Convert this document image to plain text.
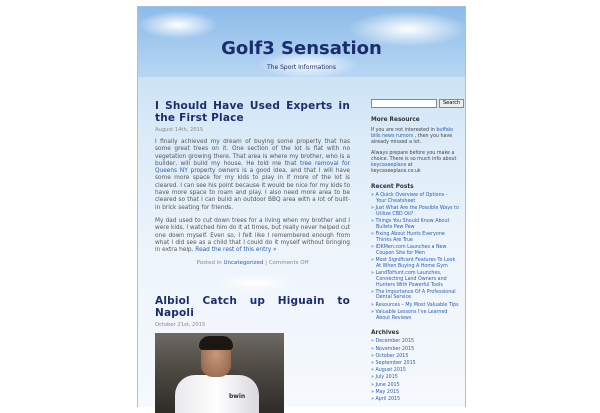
Golf3 Sensation
The Sport Informations
I Should Have Used Experts in the First Place
August 14th, 2015

I finally achieved my dream of buying some property that has some great trees on it. One section of the lot is flat with no vegetation growing there. That area is where my brother, who is a builder, will build my house. He told me that tree removal for Queens NY property owners is a good idea, and that I will have some more space for my kids to play in if more of the lot is cleared. I can see his point because it would be nice for my kids to have more space to roam and play. I also need more area to be cleared so that I can build an outdoor BBQ area with a lot of built-in brick seating for friends.

My dad used to cut down trees for a living when my brother and I were kids. I watched him do it at times, but really never helped cut one down myself. Even so, I felt like I remembered enough from what I did see as a child that I could do it myself without bringing in extra help. Read the rest of this entry »

Posted in Uncategorized | Comments Off
Albiol Catch up Higuain to Napoli
October 21st, 2015
bwin
Search
More Resource
If you are not interested in buffalo bills news rumors , then you have already missed a lot.
Always prepare before you make a choice. There is so much info about keycaseeplace at keycaseeplace.co.uk
Recent Posts
» A Quick Overview of Options - Your Cheatsheet
» Just What Are the Possible Ways to Utilize CBD Oil?
» Things You Should Know About Bullets Pew Pew
» Fixing About Hunts Everyone Thinks Are True
» IDKMen.com Launches a New Coupon Site for Men
» Most Significant Features To Look At When Buying A Home Gym
» LandToHunt.com Launches, Connecting Land Owners and Hunters With Powerful Tools
» The Importance Of A Professional Dental Service
» Resources – My Most Valuable Tips
» Valuable Lessons I've Learned About Reviews
Archives
» December 2015
» November 2015
» October 2015
» September 2015
» August 2015
» July 2015
» June 2015
» May 2015
» April 2015
